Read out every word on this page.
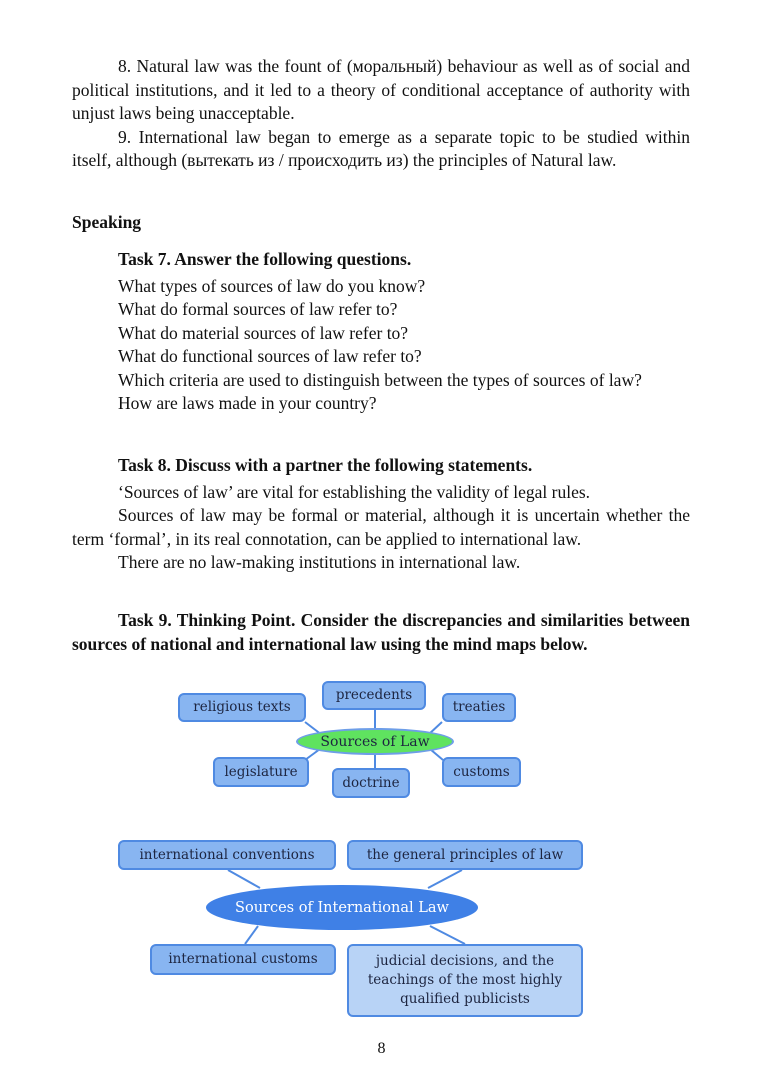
8. Natural law was the fount of (моральный) behaviour as well as of social and political institutions, and it led to a theory of conditional acceptance of authority with unjust laws being unacceptable.

9. International law began to emerge as a separate topic to be studied within itself, although (вытекать из / происходить из) the principles of Natural law.

Speaking

Task 7. Answer the following questions.

What types of sources of law do you know?

What do formal sources of law refer to?

What do material sources of law refer to?

What do functional sources of law refer to?

Which criteria are used to distinguish between the types of sources of law?

How are laws made in your country?

Task 8. Discuss with a partner the following statements.

‘Sources of law’ are vital for establishing the validity of legal rules.

Sources of law may be formal or material, although it is uncertain whether the term ‘formal’, in its real connotation, can be applied to international law.

There are no law-making institutions in international law.

Task 9. Thinking Point. Consider the discrepancies and similarities between sources of national and international law using the mind maps below.

religious texts
precedents
treaties
Sources of Law
legislature
doctrine
customs
international conventions	the general principles of law
Sources of International Law
international customs	judicial decisions, and the teachings of the most highly qualified publicists
8
